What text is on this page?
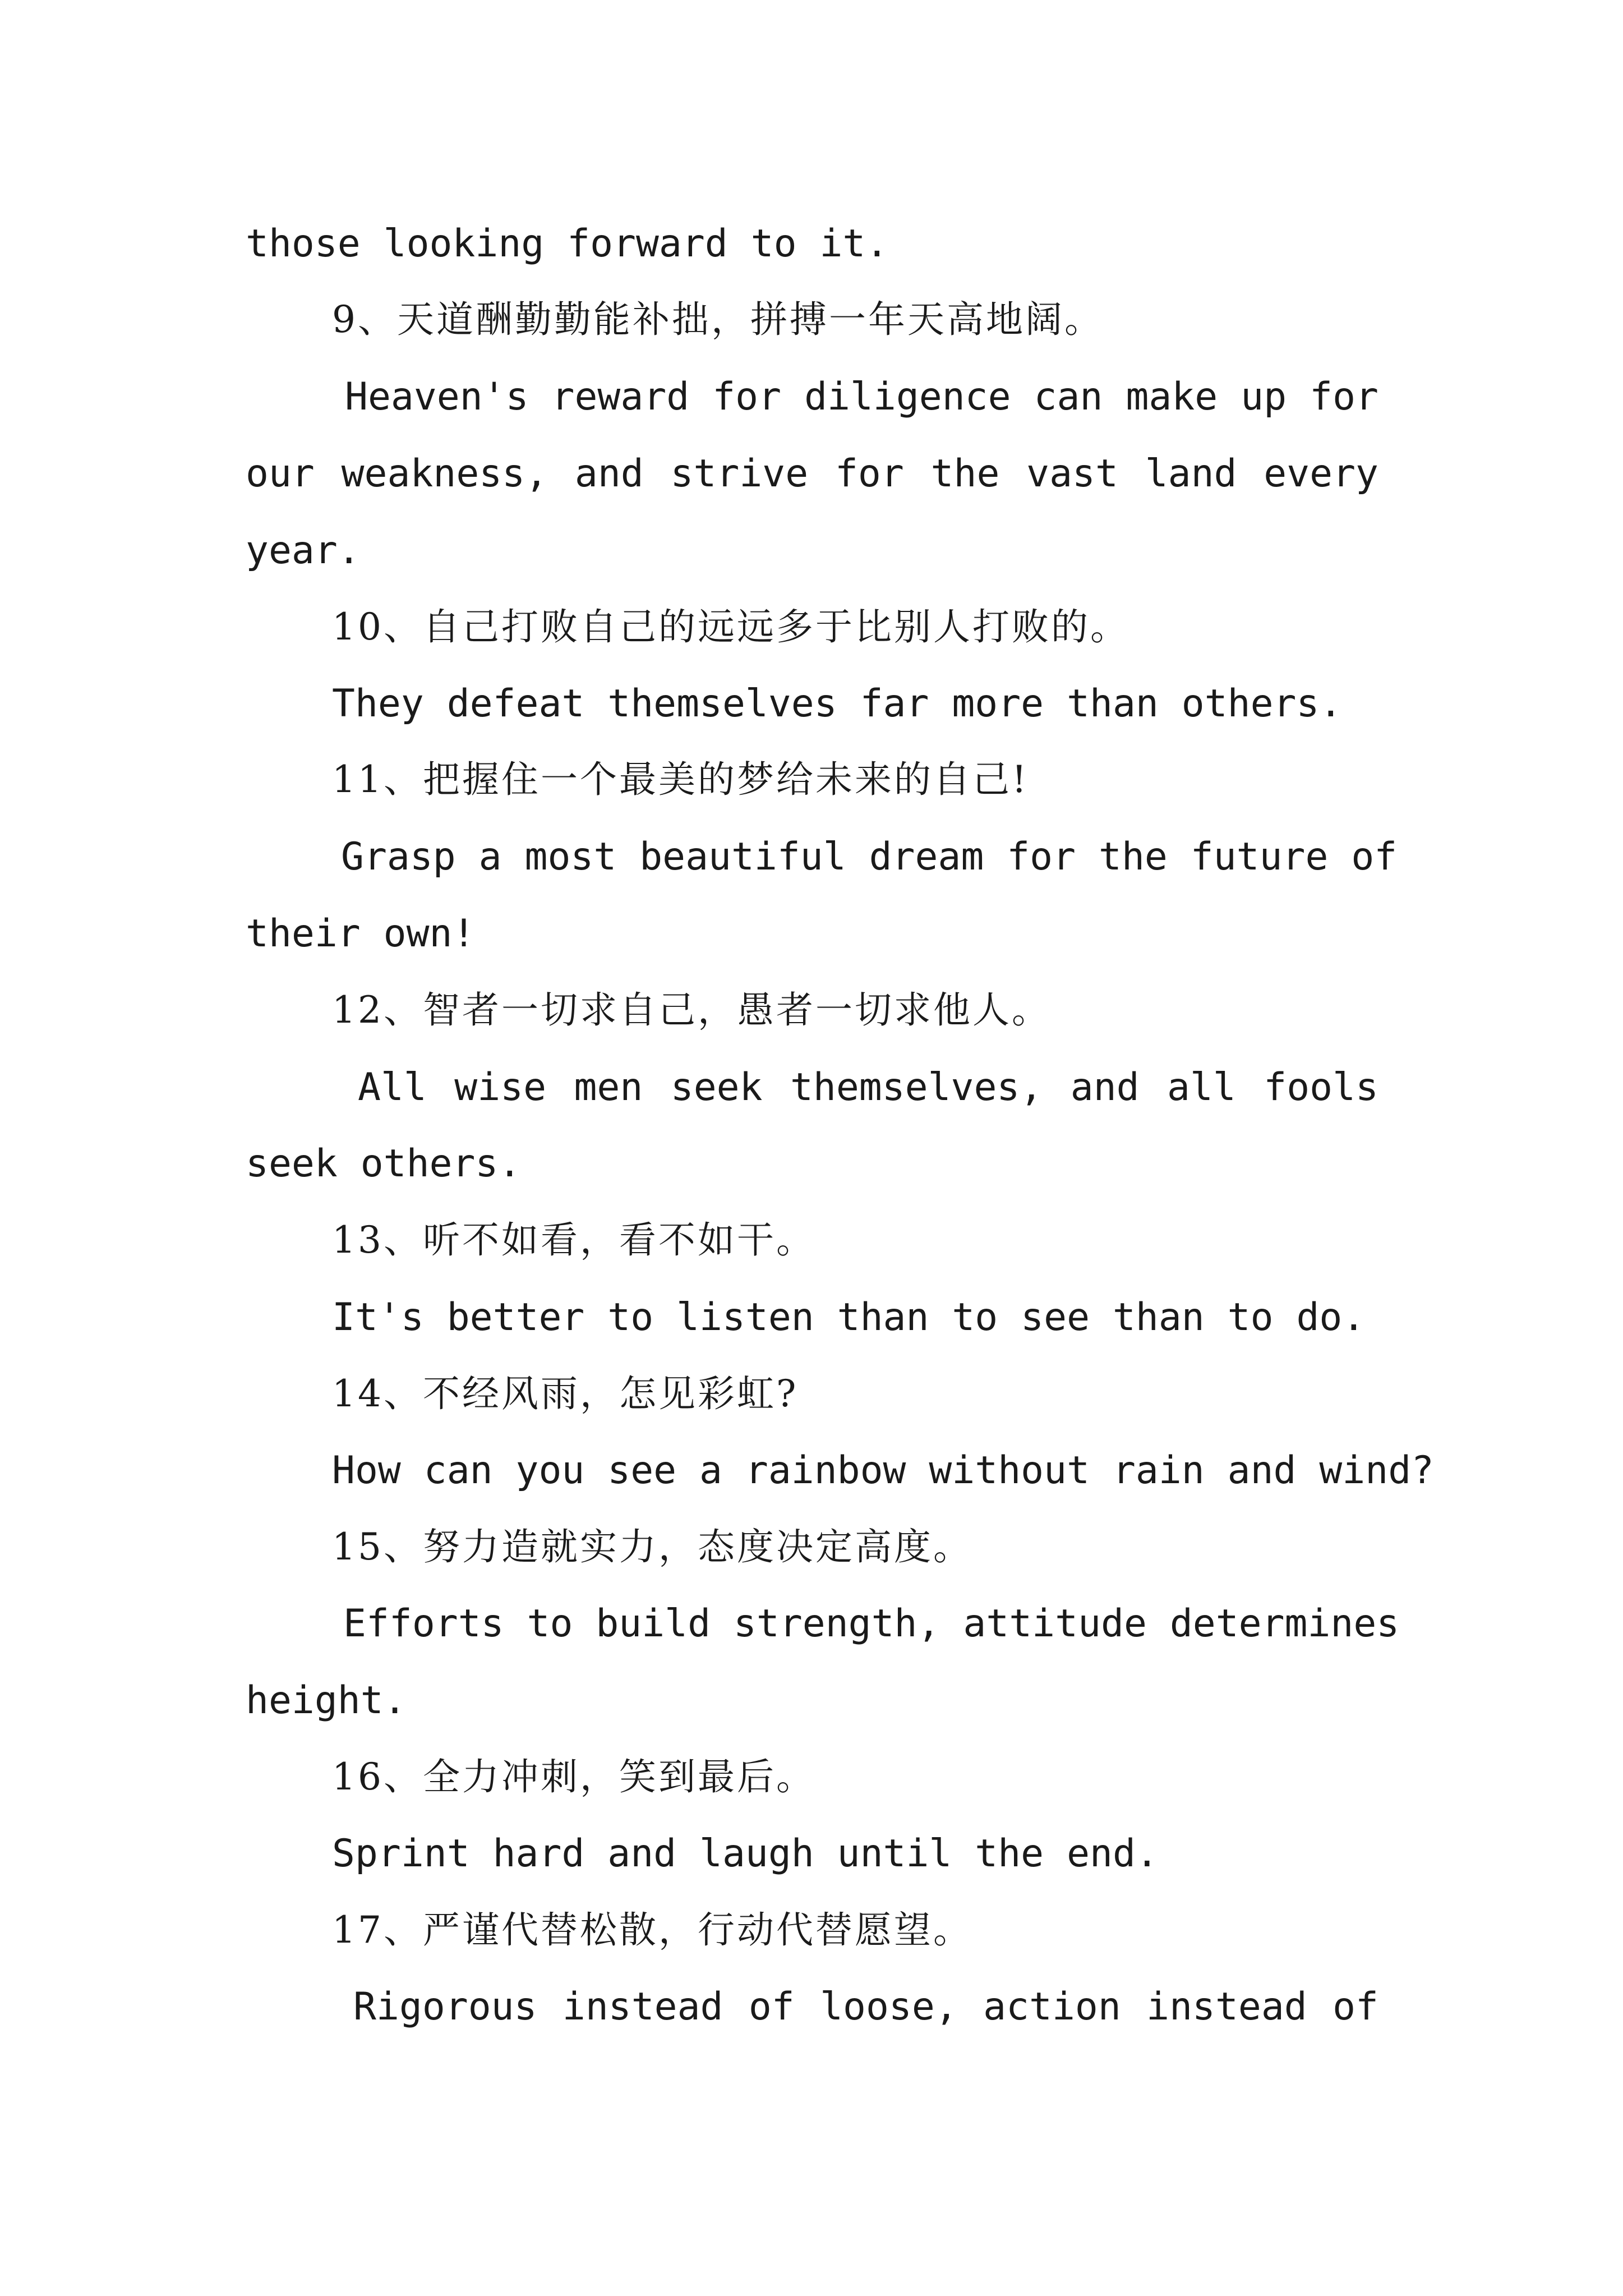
those looking forward to it.
9、天道酬勤勤能补拙，拼搏一年天高地阔。
Heaven's reward for diligence can make up for
our weakness, and strive for the vast land every
year.
10、自己打败自己的远远多于比别人打败的。
They defeat themselves far more than others.
11、把握住一个最美的梦给未来的自己!
Grasp a most beautiful dream for the future of
their own!
12、智者一切求自己，愚者一切求他人。
All wise men seek themselves, and all fools
seek others.
13、听不如看，看不如干。
It's better to listen than to see than to do.
14、不经风雨，怎见彩虹?
How can you see a rainbow without rain and wind?
15、努力造就实力，态度决定高度。
Efforts to build strength, attitude determines
height.
16、全力冲刺，笑到最后。
Sprint hard and laugh until the end.
17、严谨代替松散，行动代替愿望。
Rigorous instead of loose, action instead of
